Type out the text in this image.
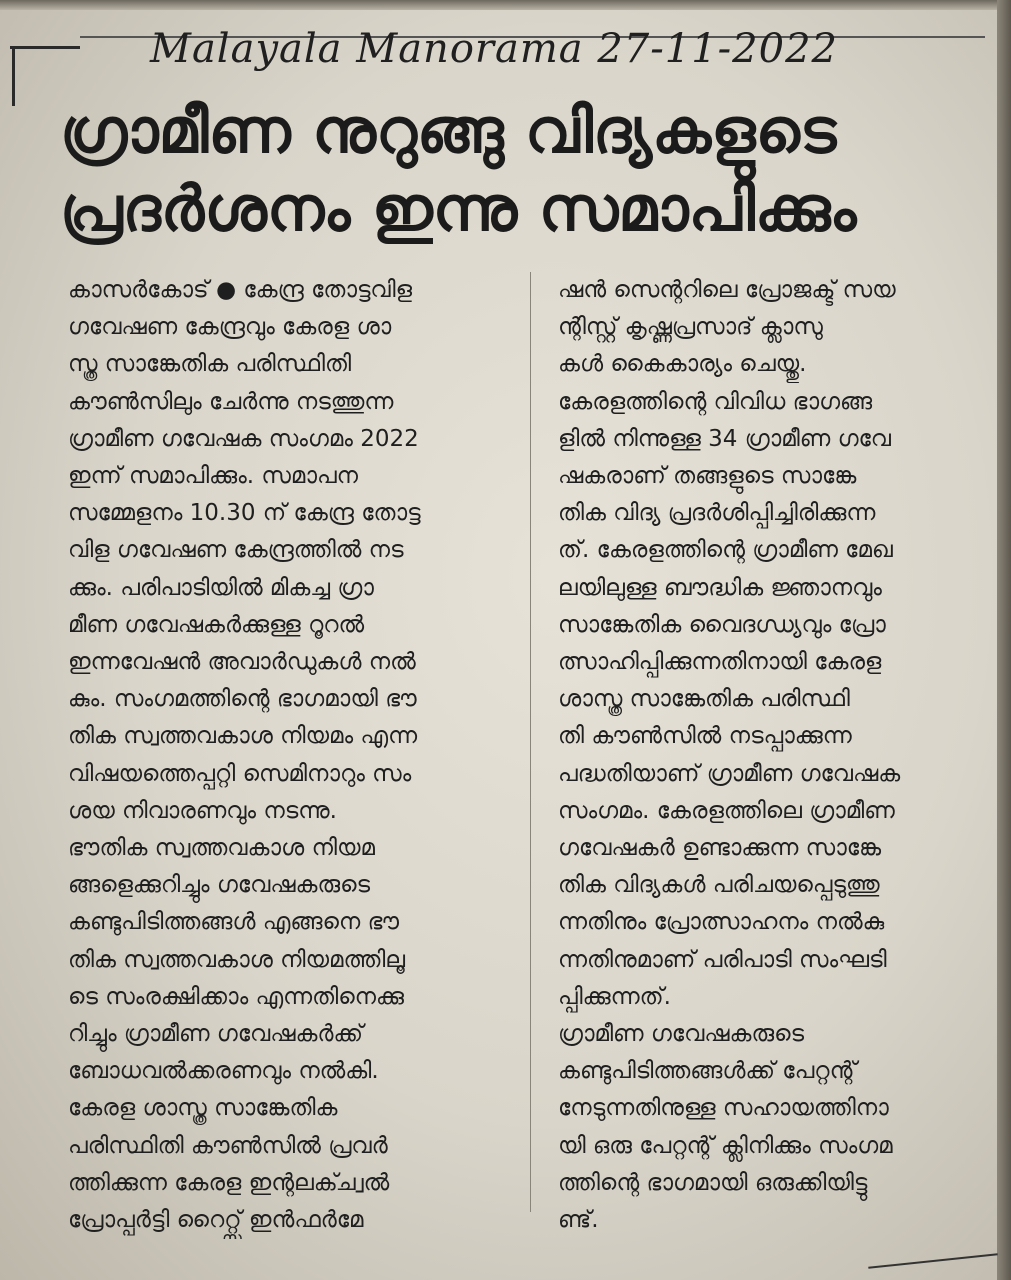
Malayala Manorama 27-11-2022
ഗ്രാമീണ നുറുങ്ങു വിദ്യകളുടെ
പ്രദർശനം ഇന്നു സമാപിക്കും
കാസർകോട് ● കേന്ദ്ര തോട്ടവിള
ഗവേഷണ കേന്ദ്രവും കേരള ശാ
സ്ത്ര സാങ്കേതിക പരിസ്ഥിതി
കൗൺസിലും ചേർന്നു നടത്തുന്ന
ഗ്രാമീണ ഗവേഷക സംഗമം 2022
ഇന്ന് സമാപിക്കും. സമാപന
സമ്മേളനം 10.30 ന് കേന്ദ്ര തോട്ട
വിള ഗവേഷണ കേന്ദ്രത്തിൽ നട
ക്കും. പരിപാടിയിൽ മികച്ച ഗ്രാ
മീണ ഗവേഷകർക്കുള്ള റൂറൽ
ഇന്നവേഷൻ അവാർഡുകൾ നൽ
കും. സംഗമത്തിന്റെ ഭാഗമായി ഭൗ
തിക സ്വത്തവകാശ നിയമം എന്ന
വിഷയത്തെപ്പറ്റി സെമിനാറും സം
ശയ നിവാരണവും നടന്നു.
ഭൗതിക സ്വത്തവകാശ നിയമ
ങ്ങളെക്കുറിച്ചും ഗവേഷകരുടെ
കണ്ടുപിടിത്തങ്ങൾ എങ്ങനെ ഭൗ
തിക സ്വത്തവകാശ നിയമത്തിലൂ
ടെ സംരക്ഷിക്കാം എന്നതിനെക്കു
റിച്ചും ഗ്രാമീണ ഗവേഷകർക്ക്
ബോധവൽക്കരണവും നൽകി.
കേരള ശാസ്ത്ര സാങ്കേതിക
പരിസ്ഥിതി കൗൺസിൽ പ്രവർ
ത്തിക്കുന്ന കേരള ഇന്റലക്ച്വൽ
പ്രോപ്പർട്ടി റൈറ്റ്സ് ഇൻഫർമേ
ഷൻ സെന്ററിലെ പ്രോജക്ട് സയ
ന്റിസ്റ്റ് കൃഷ്ണപ്രസാദ് ക്ലാസു
കൾ കൈകാര്യം ചെയ്തു.
കേരളത്തിന്റെ വിവിധ ഭാഗങ്ങ
ളിൽ നിന്നുള്ള 34 ഗ്രാമീണ ഗവേ
ഷകരാണ് തങ്ങളുടെ സാങ്കേ
തിക വിദ്യ പ്രദർശിപ്പിച്ചിരിക്കുന്ന
ത്. കേരളത്തിന്റെ ഗ്രാമീണ മേഖ
ലയിലുള്ള ബൗദ്ധിക ജ്ഞാനവും
സാങ്കേതിക വൈദഗ്ധ്യവും പ്രോ
ത്സാഹിപ്പിക്കുന്നതിനായി കേരള
ശാസ്ത്ര സാങ്കേതിക പരിസ്ഥി
തി കൗൺസിൽ നടപ്പാക്കുന്ന
പദ്ധതിയാണ് ഗ്രാമീണ ഗവേഷക
സംഗമം. കേരളത്തിലെ ഗ്രാമീണ
ഗവേഷകർ ഉണ്ടാക്കുന്ന സാങ്കേ
തിക വിദ്യകൾ പരിചയപ്പെടുത്തു
ന്നതിനും പ്രോത്സാഹനം നൽകു
ന്നതിനുമാണ് പരിപാടി സംഘടി
പ്പിക്കുന്നത്.
ഗ്രാമീണ ഗവേഷകരുടെ
കണ്ടുപിടിത്തങ്ങൾക്ക് പേറ്റന്റ്
നേടുന്നതിനുള്ള സഹായത്തിനാ
യി ഒരു പേറ്റന്റ് ക്ലിനിക്കും സംഗമ
ത്തിന്റെ ഭാഗമായി ഒരുക്കിയിട്ടു
ണ്ട്.
